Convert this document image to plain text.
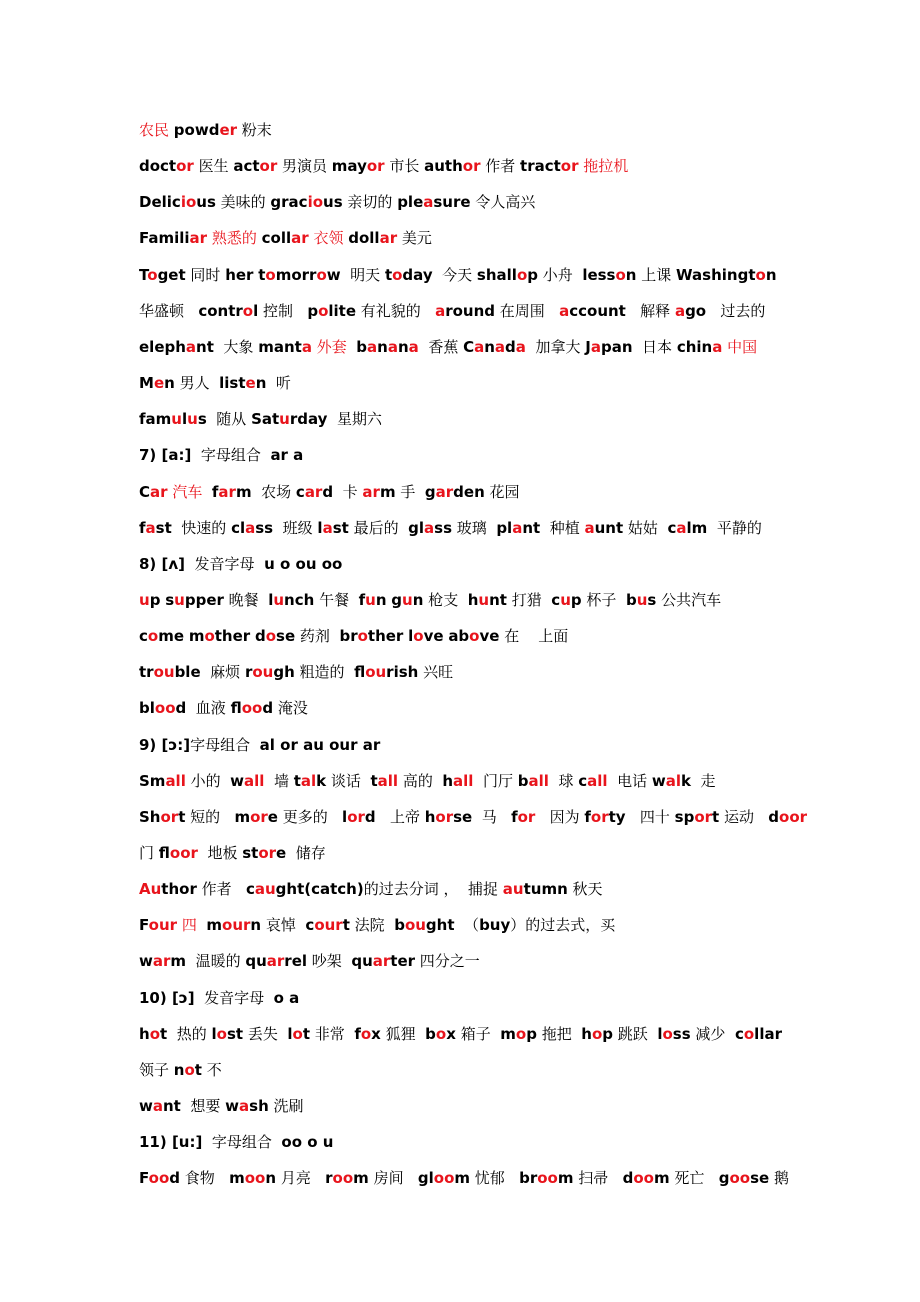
农民 powder 粉末
doctor 医生 actor 男演员 mayor 市长 author 作者 tractor 拖拉机
Delicious 美味的 gracious 亲切的 pleasure 令人高兴
Familiar 熟悉的 collar 衣领 dollar 美元
Toget 同时 her tomorrow  明天 today  今天 shallop 小舟  lesson 上课 Washington
华盛顿   control 控制   polite 有礼貌的   around 在周围   account   解释 ago   过去的
elephant  大象 manta 外套 banana  香蕉 Canada  加拿大 Japan  日本 china 中国
Men 男人  listen  听
famulus  随从 Saturday  星期六
7) [a:]  字母组合  ar a
Car 汽车 farm  农场 card  卡 arm 手  garden 花园
fast  快速的 class  班级 last 最后的  glass 玻璃  plant  种植 aunt 姑姑  calm  平静的
8) [ʌ]  发音字母  u o ou oo
up supper 晚餐  lunch 午餐  fun gun 枪支  hunt 打猎  cup 杯子  bus 公共汽车
come mother dose 药剂  brother love above 在    上面
trouble  麻烦 rough 粗造的  flourish 兴旺
blood  血液 flood 淹没
9) [ɔ:]字母组合  al or au our ar
Small 小的  wall  墙 talk 谈话  tall 高的  hall  门厅 ball  球 call  电话 walk  走
Short 短的   more 更多的   lord   上帝 horse  马   for   因为 forty   四十 sport 运动   door
门 floor  地板 store  储存
Author 作者   caught(catch)的过去分词 ，  捕捉 autumn 秋天
Four 四 mourn 哀悼  court 法院  bought  （buy）的过去式，买
warm  温暖的 quarrel 吵架  quarter 四分之一
10) [ɔ]  发音字母  o a
hot  热的 lost 丢失  lot 非常  fox 狐狸  box 箱子  mop 拖把  hop 跳跃  loss 减少  collar
领子 not 不
want  想要 wash 洗刷
11) [u:]  字母组合  oo o u
Food 食物   moon 月亮   room 房间   gloom 忧郁   broom 扫帚   doom 死亡   goose 鹅
